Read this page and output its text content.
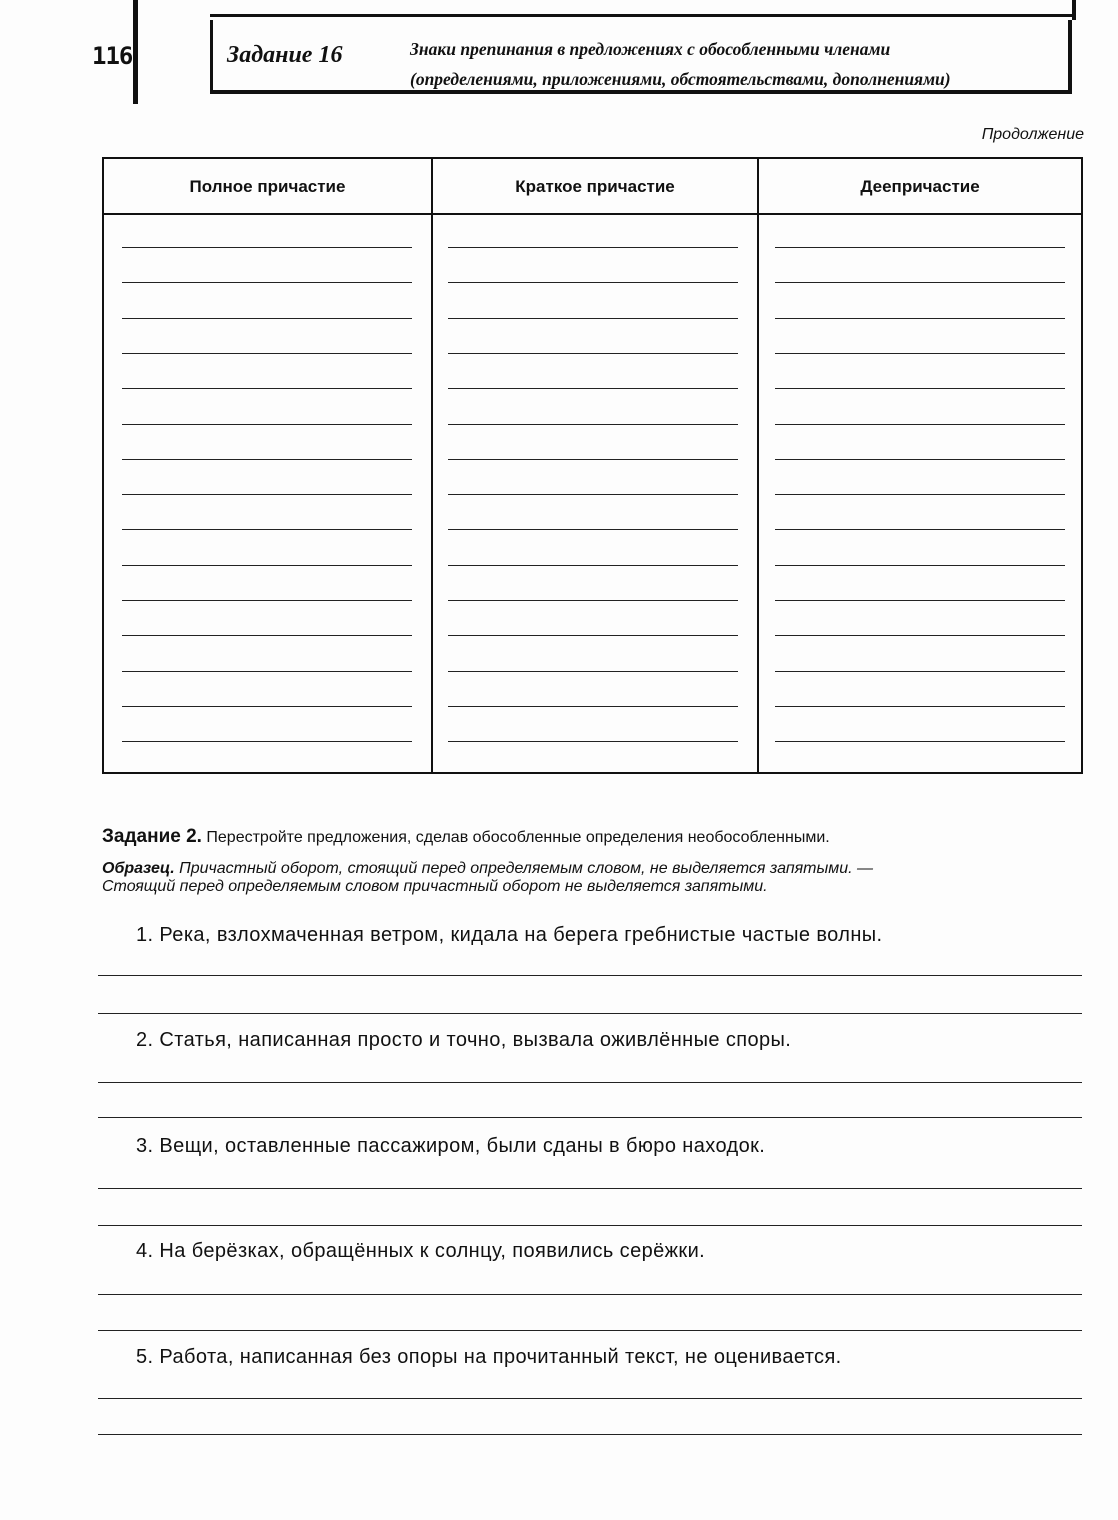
116	Задание 16	Знаки препинания в предложениях с обособленными членами
(определениями, приложениями, обстоятельствами, дополнениями)
Продолжение
Полное причастие	Краткое причастие	Деепричастие
Задание 2. Перестройте предложения, сделав обособленные определения необособленными.
Образец. Причастный оборот, стоящий перед определяемым словом, не выделяется запятыми. —
Стоящий перед определяемым словом причастный оборот не выделяется запятыми.
1. Река, взлохмаченная ветром, кидала на берега гребнистые частые волны.
2. Статья, написанная просто и точно, вызвала оживлённые споры.
3. Вещи, оставленные пассажиром, были сданы в бюро находок.
4. На берёзках, обращённых к солнцу, появились серёжки.
5. Работа, написанная без опоры на прочитанный текст, не оценивается.
